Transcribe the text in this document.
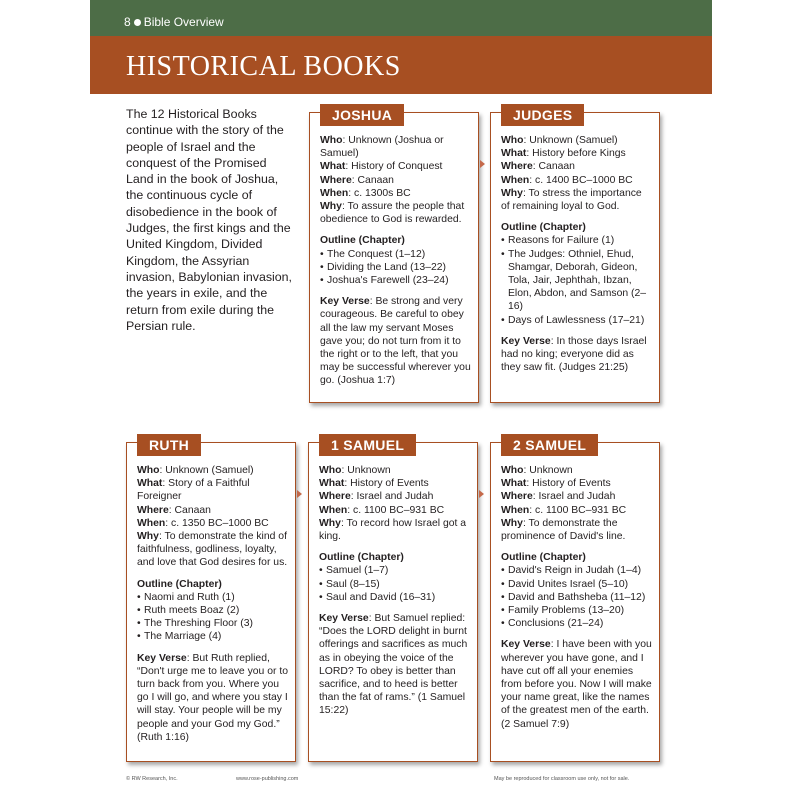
8 Bible Overview
HISTORICAL BOOKS

The 12 Historical Books continue with the story of the people of Israel and the conquest of the Promised Land in the book of Joshua, the continuous cycle of disobedience in the book of Judges, the first kings and the United Kingdom, Divided Kingdom, the Assyrian invasion, Babylonian invasion, the years in exile, and the return from exile during the Persian rule.

JOSHUA

Who: Unknown (Joshua or Samuel)

What: History of Conquest

Where: Canaan

When: c. 1300s BC

Why: To assure the people that obedience to God is rewarded.

Outline (Chapter)

• The Conquest (1–12)
• Dividing the Land (13–22)
• Joshua's Farewell (23–24)

Key Verse: Be strong and very courageous. Be careful to obey all the law my servant Moses gave you; do not turn from it to the right or to the left, that you may be successful wherever you go. (Joshua 1:7)

JUDGES

Who: Unknown (Samuel)

What: History before Kings

Where: Canaan

When: c. 1400 BC–1000 BC

Why: To stress the importance of remaining loyal to God.

Outline (Chapter)

• Reasons for Failure (1)
• The Judges: Othniel, Ehud, Shamgar, Deborah, Gideon, Tola, Jair, Jephthah, Ibzan, Elon, Abdon, and Samson (2–16)
• Days of Lawlessness (17–21)

Key Verse: In those days Israel had no king; everyone did as they saw fit. (Judges 21:25)

RUTH

Who: Unknown (Samuel)

What: Story of a Faithful Foreigner

Where: Canaan

When: c. 1350 BC–1000 BC

Why: To demonstrate the kind of faithfulness, godliness, loyalty, and love that God desires for us.

Outline (Chapter)

• Naomi and Ruth (1)
• Ruth meets Boaz (2)
• The Threshing Floor (3)
• The Marriage (4)

Key Verse: But Ruth replied, “Don't urge me to leave you or to turn back from you. Where you go I will go, and where you stay I will stay. Your people will be my people and your God my God.” (Ruth 1:16)

1 SAMUEL

Who: Unknown

What: History of Events

Where: Israel and Judah

When: c. 1100 BC–931 BC

Why: To record how Israel got a king.

Outline (Chapter)

• Samuel (1–7)
• Saul (8–15)
• Saul and David (16–31)

Key Verse: But Samuel replied: “Does the LORD delight in burnt offerings and sacrifices as much as in obeying the voice of the LORD? To obey is better than sacrifice, and to heed is better than the fat of rams.” (1 Samuel 15:22)

2 SAMUEL

Who: Unknown

What: History of Events

Where: Israel and Judah

When: c. 1100 BC–931 BC

Why: To demonstrate the prominence of David's line.

Outline (Chapter)

• David's Reign in Judah (1–4)
• David Unites Israel (5–10)
• David and Bathsheba (11–12)
• Family Problems (13–20)
• Conclusions (21–24)

Key Verse: I have been with you wherever you have gone, and I have cut off all your enemies from before you. Now I will make your name great, like the names of the greatest men of the earth. (2 Samuel 7:9)

© RW Research, Inc.	www.rose-publishing.com	May be reproduced for classroom use only, not for sale.
